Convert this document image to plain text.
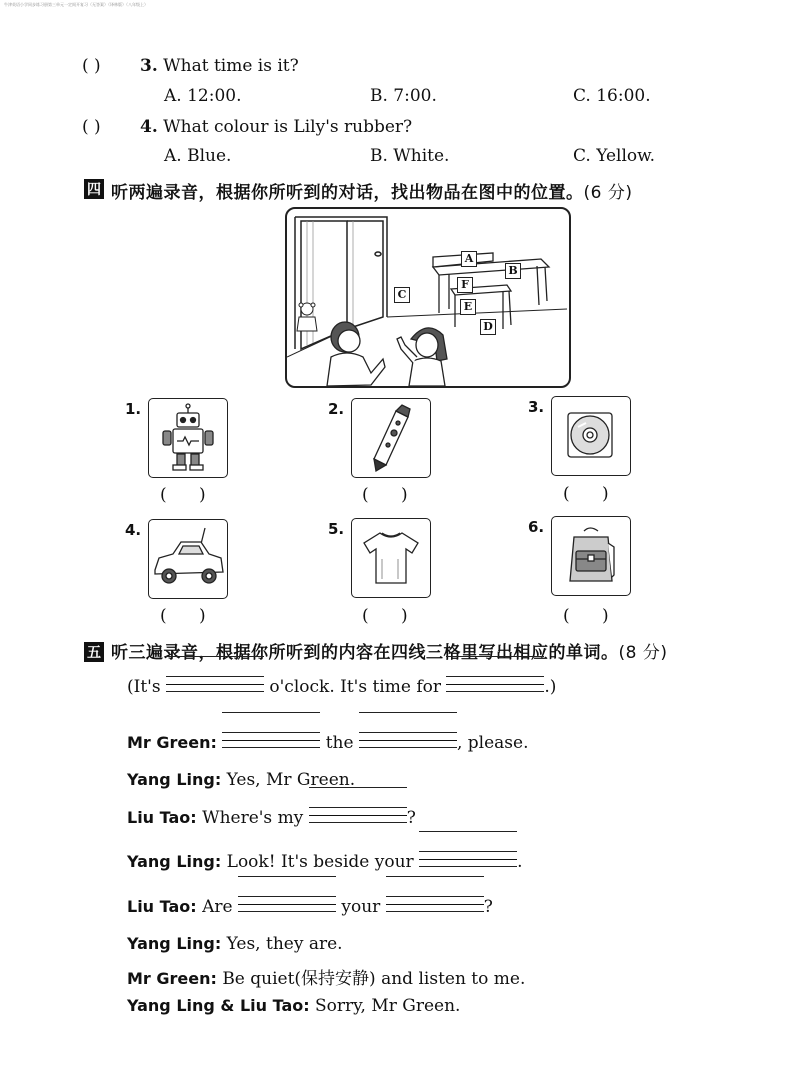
牛津英语小学同步练习册第三单元一定间开复习（无答案）（译林版）（八年级上）
( ) 3. What time is it?
A. 12:00.	B. 7:00.	C. 16:00.
( ) 4. What colour is Lily's rubber?
A. Blue.	B. White.	C. Yellow.
四 听两遍录音，根据你所听到的对话，找出物品在图中的位置。(6 分)
A
B
C
D
E
F
1.
(      )
2.
(      )
3.
(      )
4.
(      )
5.
(      )
6.
(      )
五 听三遍录音，根据你所听到的内容在四线三格里写出相应的单词。(8 分)
(It's	o'clock. It's time for	.)
Mr Green:	the	, please.
Yang Ling: Yes, Mr Green.
Liu Tao: Where's my	?
Yang Ling: Look! It's beside your	.
Liu Tao: Are	your	?
Yang Ling: Yes, they are.
Mr Green: Be quiet(保持安静) and listen to me.
Yang Ling & Liu Tao: Sorry, Mr Green.
